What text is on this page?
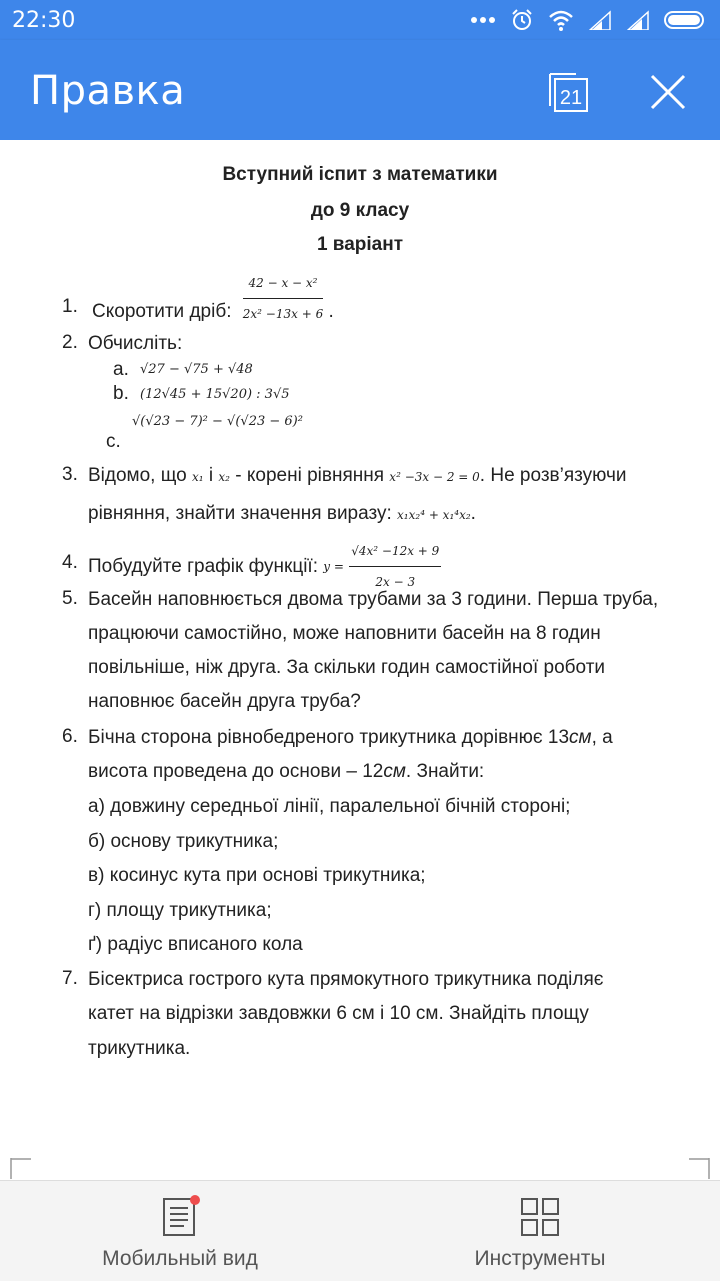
22:30
Правка	21
Вступний іспит з математики
до 9 класу
1 варіант
1. Скоротити дріб: $\frac{\text{42 − x − x²}}{\text{2x² −13x + 6}}$ .
2. Обчисліть:
a. √27 − √75 + √48
b. (12√45 + 15√20) : 3√5
√(√23 − 7)² − √(√23 − 6)²
c.
3. Відомо, що x₁ і x₂ - корені рівняння x² −3x − 2 = 0. Не розв’язуючи
рівняння, знайти значення виразу: x₁x₂⁴ + x₁⁴x₂.
4. Побудуйте графік функції: $y = \frac{\text{√4x² −12x + 9}}{2x - 3}$
5. Басейн наповнюється двома трубами за 3 години. Перша труба,
працюючи самостійно, може наповнити басейн на 8 годин
повільніше, ніж друга. За скільки годин самостійної роботи
наповнює басейн друга труба?
6. Бічна сторона рівнобедреного трикутника дорівнює 13см, а
висота проведена до основи – 12см. Знайти:
а) довжину середньої лінії, паралельної бічній стороні;
б) основу трикутника;
в) косинус кута при основі трикутника;
г) площу трикутника;
ґ) радіус вписаного кола
7. Бісектриса гострого кута прямокутного трикутника поділяє
катет на відрізки завдовжки 6 см і 10 см. Знайдіть площу
трикутника.
Мобильный вид	Инструменты
